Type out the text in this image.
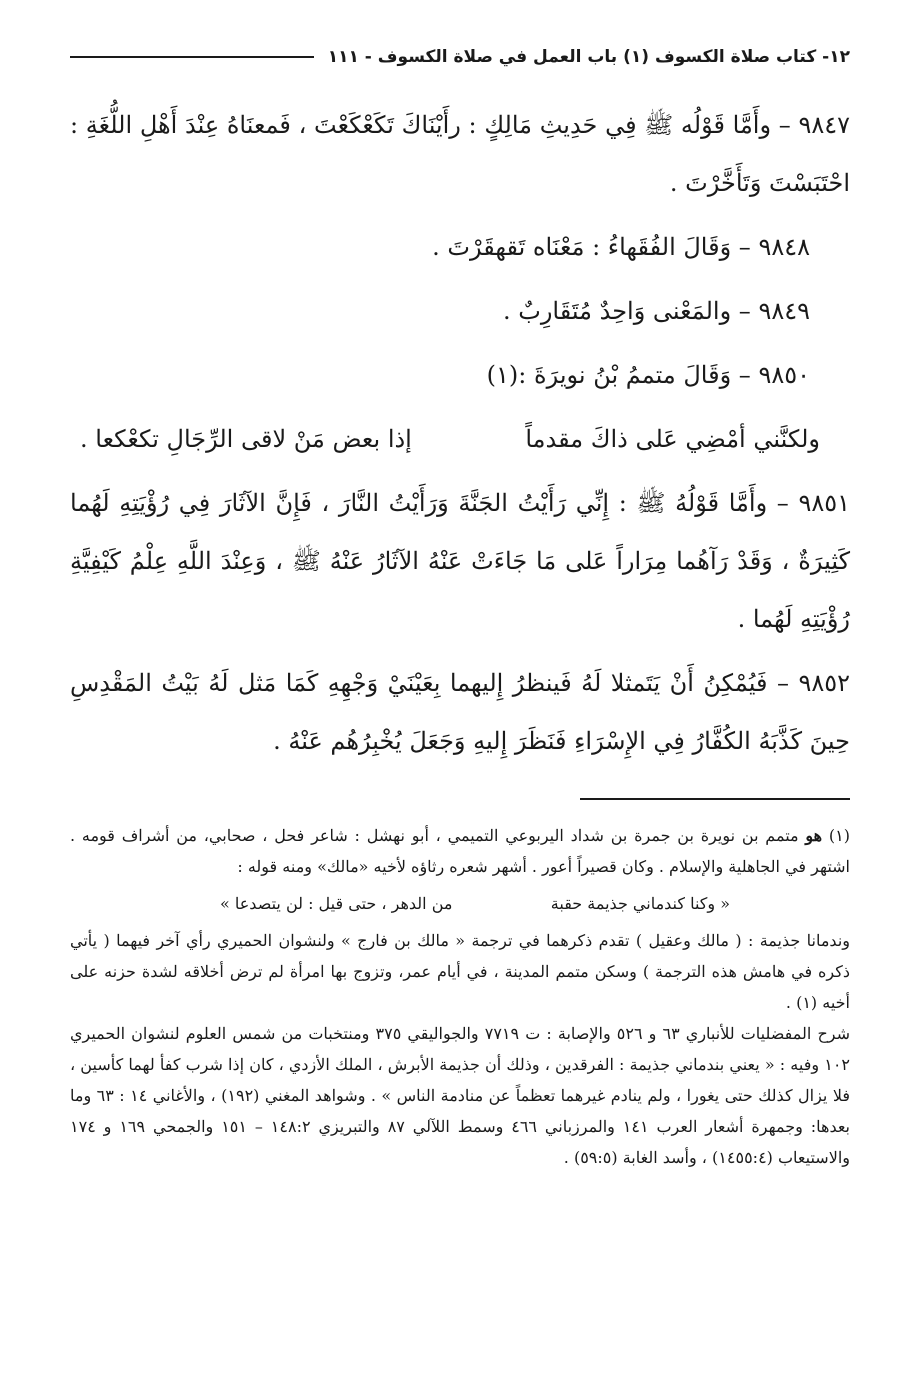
١٢- كتاب صلاة الكسوف (١) باب العمل في صلاة الكسوف - ١١١

٩٨٤٧ – وأَمَّا قَوْلُه ﷺ فِي حَدِيثِ مَالِكٍ : رأَيْنَاكَ تَكَعْكَعْتَ ، فَمعنَاهُ عِنْدَ أَهْلِ اللُّغَةِ : احْتَبَسْتَ وَتَأَخَّرْتَ .

٩٨٤٨ – وَقَالَ الفُقَهاءُ : مَعْنَاه تَقهقَرْتَ .

٩٨٤٩ – والمَعْنى وَاحِدٌ مُتَقَارِبٌ .

٩٨٥٠ – وَقَالَ متممُ بْنُ نويرَةَ :(١)

ولكنَّني أمْضِي عَلى ذاكَ مقدماً
إذا بعض مَنْ لاقى الرِّجَالِ تكعْكعا .

٩٨٥١ – وأَمَّا قَوْلُهُ ﷺ : إِنِّي رَأَيْتُ الجَنَّةَ وَرَأَيْتُ النَّارَ ، فَإِنَّ الآثَارَ فِي رُؤْيَتِهِ لَهُما كَثِيرَةٌ ، وَقَدْ رَآهُما مِرَاراً عَلى مَا جَاءَتْ عَنْهُ الآثَارُ عَنْهُ ﷺ ، وَعِنْدَ اللَّهِ عِلْمُ كَيْفِيَّةِ رُؤْيَتِهِ لَهُما .

٩٨٥٢ – فَيُمْكِنُ أَنْ يَتَمثلا لَهُ فَينظرُ إِليهما بِعَيْنَيْ وَجْهِهِ كَمَا مَثل لَهُ بَيْتُ المَقْدِسِ حِينَ كَذَّبَهُ الكُفَّارُ فِي الإِسْرَاءِ فَنَظَرَ إِليهِ وَجَعَلَ يُخْبِرُهُم عَنْهُ .

(١) هو متمم بن نويرة بن جمرة بن شداد اليربوعي التميمي ، أبو نهشل : شاعر فحل ، صحابي، من أشراف قومه . اشتهر في الجاهلية والإسلام . وكان قصيراً أعور . أشهر شعره رثاؤه لأخيه «مالك» ومنه قوله :

« وكنا كندماني جذيمة حقبة
من الدهر ، حتى قيل : لن يتصدعا »

وندمانا جذيمة : ( مالك وعقيل ) تقدم ذكرهما في ترجمة « مالك بن فارج » ولنشوان الحميري رأي آخر فيهما ( يأتي ذكره في هامش هذه الترجمة ) وسكن متمم المدينة ، في أيام عمر، وتزوج بها امرأة لم ترض أخلاقه لشدة حزنه على أخيه (١) .

شرح المفضليات للأنباري ٦٣ و ٥٢٦ والإصابة : ت ٧٧١٩ والجواليقي ٣٧٥ ومنتخبات من شمس العلوم لنشوان الحميري ١٠٢ وفيه : « يعني بندماني جذيمة : الفرقدين ، وذلك أن جذيمة الأبرش ، الملك الأزدي ، كان إذا شرب كفأ لهما كأسين ، فلا يزال كذلك حتى يغورا ، ولم ينادم غيرهما تعظماً عن منادمة الناس » . وشواهد المغني (١٩٢) ، والأغاني ١٤ : ٦٣ وما بعدها: وجمهرة أشعار العرب ١٤١ والمرزباني ٤٦٦ وسمط اللآلي ٨٧ والتبريزي ١٤٨:٢ – ١٥١ والجمحي ١٦٩ و ١٧٤ والاستيعاب (١٤٥٥:٤) ، وأسد الغابة (٥٩:٥) .
